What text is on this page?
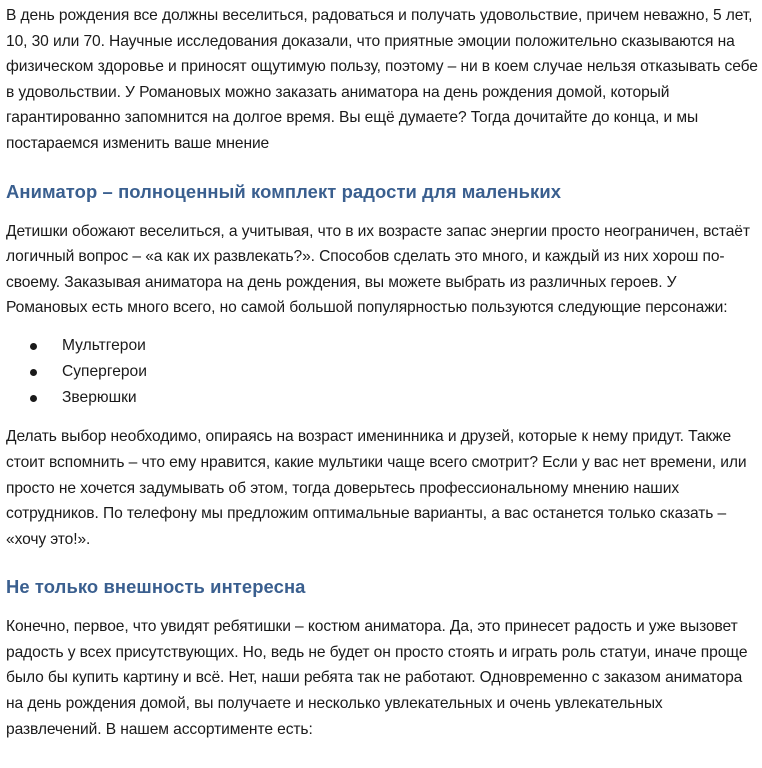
В день рождения все должны веселиться, радоваться и получать удовольствие, причем неважно, 5 лет, 10, 30 или 70. Научные исследования доказали, что приятные эмоции положительно сказываются на физическом здоровье и приносят ощутимую пользу, поэтому – ни в коем случае нельзя отказывать себе в удовольствии. У Романовых можно заказать аниматора на день рождения домой, который гарантированно запомнится на долгое время. Вы ещё думаете? Тогда дочитайте до конца, и мы постараемся изменить ваше мнение

Аниматор – полноценный комплект радости для маленьких

Детишки обожают веселиться, а учитывая, что в их возрасте запас энергии просто неограничен, встаёт логичный вопрос – «а как их развлекать?». Способов сделать это много, и каждый из них хорош по-своему. Заказывая аниматора на день рождения, вы можете выбрать из различных героев. У Романовых есть много всего, но самой большой популярностью пользуются следующие персонажи:

Мультгерои
Супергерои
Зверюшки

Делать выбор необходимо, опираясь на возраст именинника и друзей, которые к нему придут. Также стоит вспомнить – что ему нравится, какие мультики чаще всего смотрит? Если у вас нет времени, или просто не хочется задумывать об этом, тогда доверьтесь профессиональному мнению наших сотрудников. По телефону мы предложим оптимальные варианты, а вас останется только сказать – «хочу это!».

Не только внешность интересна

Конечно, первое, что увидят ребятишки – костюм аниматора. Да, это принесет радость и уже вызовет радость у всех присутствующих. Но, ведь не будет он просто стоять и играть роль статуи, иначе проще было бы купить картину и всё. Нет, наши ребята так не работают. Одновременно с заказом аниматора на день рождения домой, вы получаете и несколько увлекательных и очень увлекательных развлечений. В нашем ассортименте есть:
